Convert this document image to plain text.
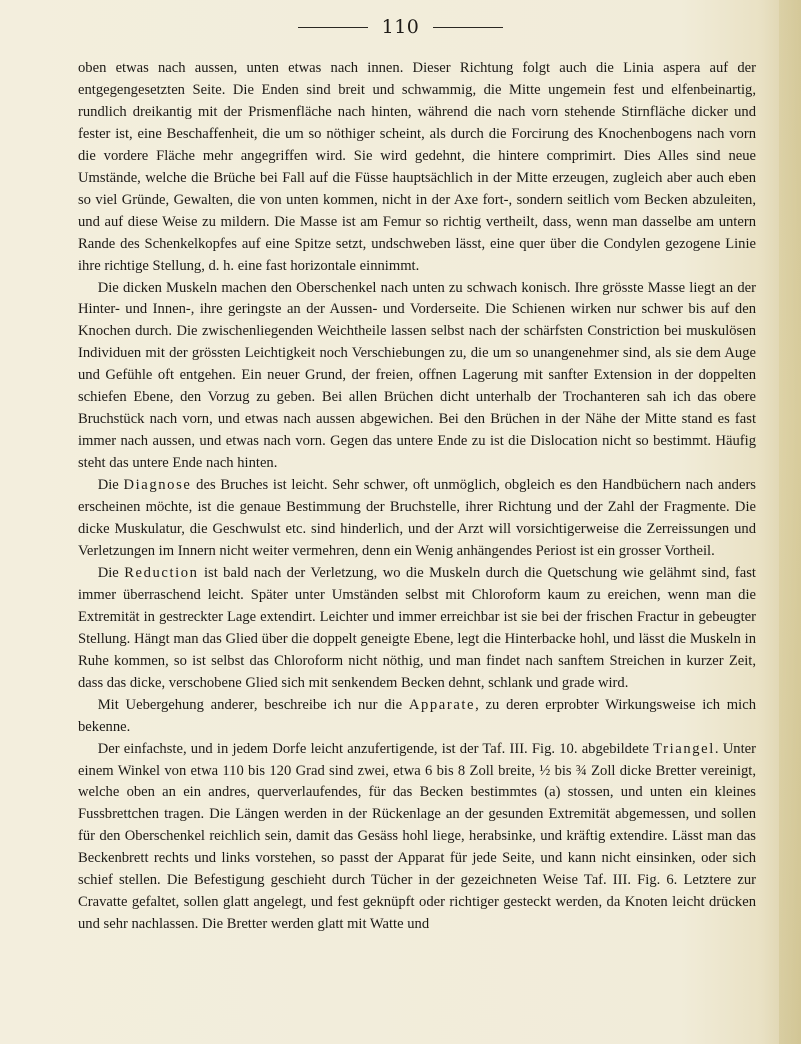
110

oben etwas nach aussen, unten etwas nach innen. Dieser Richtung folgt auch die Linia aspera auf der entgegengesetzten Seite. Die Enden sind breit und schwammig, die Mitte ungemein fest und elfenbeinartig, rundlich dreikantig mit der Prismenfläche nach hinten, während die nach vorn stehende Stirnfläche dicker und fester ist, eine Beschaffenheit, die um so nöthiger scheint, als durch die Forcirung des Knochenbogens nach vorn die vordere Fläche mehr angegriffen wird. Sie wird gedehnt, die hintere comprimirt. Dies Alles sind neue Umstände, welche die Brüche bei Fall auf die Füsse hauptsächlich in der Mitte erzeugen, zugleich aber auch eben so viel Gründe, Gewalten, die von unten kommen, nicht in der Axe fort-, sondern seitlich vom Becken abzuleiten, und auf diese Weise zu mildern. Die Masse ist am Femur so richtig vertheilt, dass, wenn man dasselbe am untern Rande des Schenkelkopfes auf eine Spitze setzt, undschweben lässt, eine quer über die Condylen gezogene Linie ihre richtige Stellung, d. h. eine fast horizontale einnimmt.

Die dicken Muskeln machen den Oberschenkel nach unten zu schwach konisch. Ihre grösste Masse liegt an der Hinter- und Innen-, ihre geringste an der Aussen- und Vorderseite. Die Schienen wirken nur schwer bis auf den Knochen durch. Die zwischenliegenden Weichtheile lassen selbst nach der schärfsten Constriction bei muskulösen Individuen mit der grössten Leichtigkeit noch Verschiebungen zu, die um so unangenehmer sind, als sie dem Auge und Gefühle oft entgehen. Ein neuer Grund, der freien, offnen Lagerung mit sanfter Extension in der doppelten schiefen Ebene, den Vorzug zu geben. Bei allen Brüchen dicht unterhalb der Trochanteren sah ich das obere Bruchstück nach vorn, und etwas nach aussen abgewichen. Bei den Brüchen in der Nähe der Mitte stand es fast immer nach aussen, und etwas nach vorn. Gegen das untere Ende zu ist die Dislocation nicht so bestimmt. Häufig steht das untere Ende nach hinten.

Die Diagnose des Bruches ist leicht. Sehr schwer, oft unmöglich, obgleich es den Handbüchern nach anders erscheinen möchte, ist die genaue Bestimmung der Bruchstelle, ihrer Richtung und der Zahl der Fragmente. Die dicke Muskulatur, die Geschwulst etc. sind hinderlich, und der Arzt will vorsichtigerweise die Zerreissungen und Verletzungen im Innern nicht weiter vermehren, denn ein Wenig anhängendes Periost ist ein grosser Vortheil.

Die Reduction ist bald nach der Verletzung, wo die Muskeln durch die Quetschung wie gelähmt sind, fast immer überraschend leicht. Später unter Umständen selbst mit Chloroform kaum zu ereichen, wenn man die Extremität in gestreckter Lage extendirt. Leichter und immer erreichbar ist sie bei der frischen Fractur in gebeugter Stellung. Hängt man das Glied über die doppelt geneigte Ebene, legt die Hinterbacke hohl, und lässt die Muskeln in Ruhe kommen, so ist selbst das Chloroform nicht nöthig, und man findet nach sanftem Streichen in kurzer Zeit, dass das dicke, verschobene Glied sich mit senkendem Becken dehnt, schlank und grade wird.

Mit Uebergehung anderer, beschreibe ich nur die Apparate, zu deren erprobter Wirkungsweise ich mich bekenne.

Der einfachste, und in jedem Dorfe leicht anzufertigende, ist der Taf. III. Fig. 10. abgebildete Triangel. Unter einem Winkel von etwa 110 bis 120 Grad sind zwei, etwa 6 bis 8 Zoll breite, ½ bis ¾ Zoll dicke Bretter vereinigt, welche oben an ein andres, querverlaufendes, für das Becken bestimmtes (a) stossen, und unten ein kleines Fussbrettchen tragen. Die Längen werden in der Rückenlage an der gesunden Extremität abgemessen, und sollen für den Oberschenkel reichlich sein, damit das Gesäss hohl liege, herabsinke, und kräftig extendire. Lässt man das Beckenbrett rechts und links vorstehen, so passt der Apparat für jede Seite, und kann nicht einsinken, oder sich schief stellen. Die Befestigung geschieht durch Tücher in der gezeichneten Weise Taf. III. Fig. 6. Letztere zur Cravatte gefaltet, sollen glatt angelegt, und fest geknüpft oder richtiger gesteckt werden, da Knoten leicht drücken und sehr nachlassen. Die Bretter werden glatt mit Watte und
